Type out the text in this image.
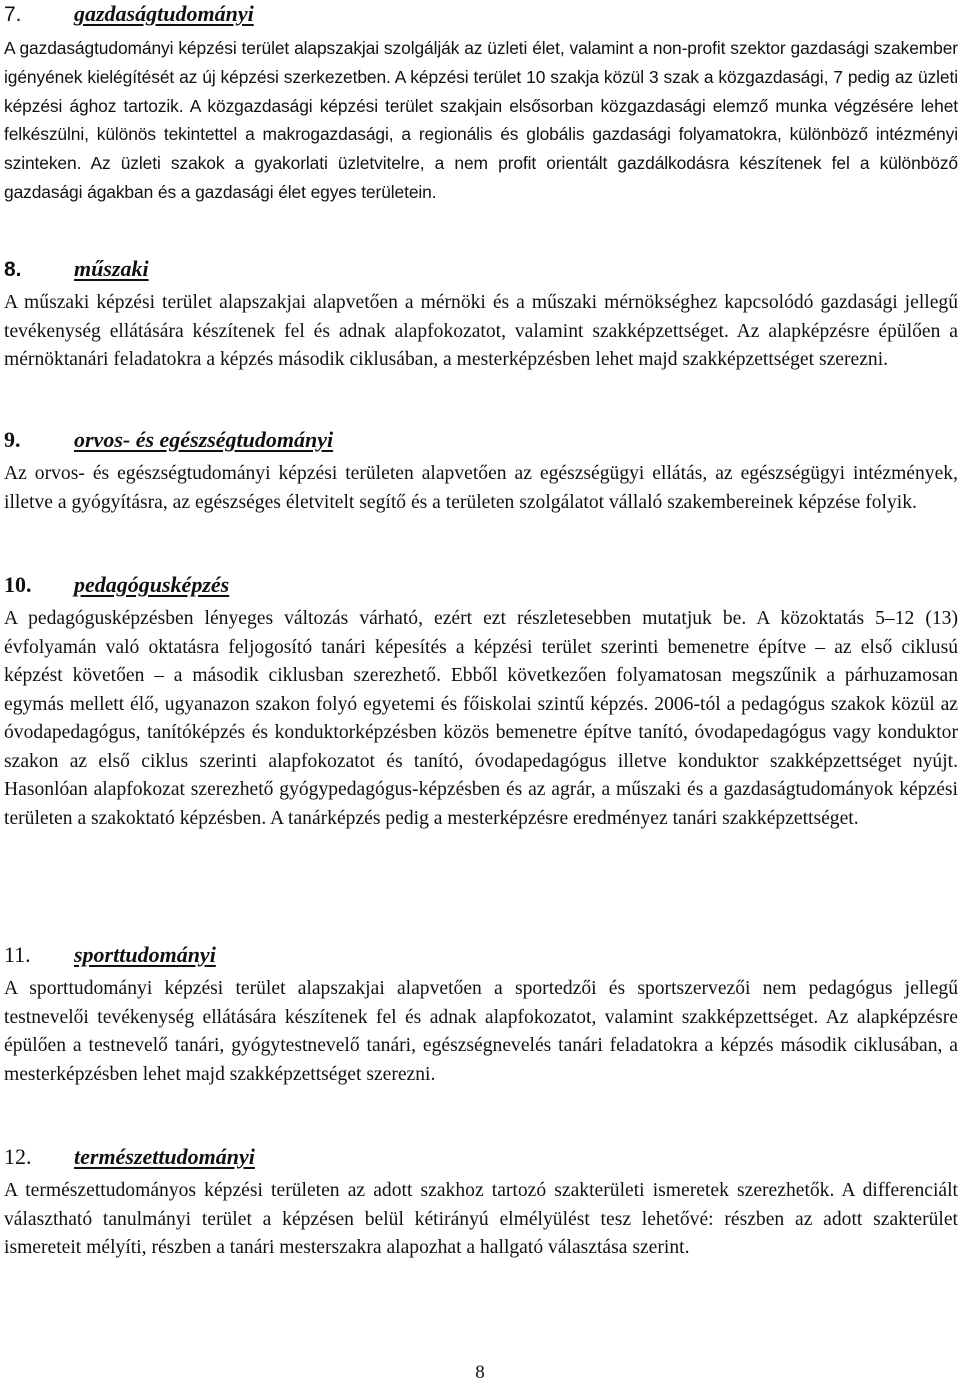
7. gazdaságtudományi
A gazdaságtudományi képzési terület alapszakjai szolgálják az üzleti élet, valamint a non-profit szektor gazdasági szakember igényének kielégítését az új képzési szerkezetben. A képzési terület 10 szakja közül 3 szak a közgazdasági, 7 pedig az üzleti képzési ághoz tartozik. A közgazdasági képzési terület szakjain elsősorban közgazdasági elemző munka végzésére lehet felkészülni, különös tekintettel a makrogazdasági, a regionális és globális gazdasági folyamatokra, különböző intézményi szinteken. Az üzleti szakok a gyakorlati üzletvitelre, a nem profit orientált gazdálkodásra készítenek fel a különböző gazdasági ágakban és a gazdasági élet egyes területein.
8. műszaki
A műszaki képzési terület alapszakjai alapvetően a mérnöki és a műszaki mérnökséghez kapcsolódó gazdasági jellegű tevékenység ellátására készítenek fel és adnak alapfokozatot, valamint szakképzettséget. Az alapképzésre épülően a mérnöktanári feladatokra a képzés második ciklusában, a mesterképzésben lehet majd szakképzettséget szerezni.
9. orvos- és egészségtudományi
Az orvos- és egészségtudományi képzési területen alapvetően az egészségügyi ellátás, az egészségügyi intézmények, illetve a gyógyításra, az egészséges életvitelt segítő és a területen szolgálatot vállaló szakembereinek képzése folyik.
10. pedagógusképzés
A pedagógusképzésben lényeges változás várható, ezért ezt részletesebben mutatjuk be. A közoktatás 5–12 (13) évfolyamán való oktatásra feljogosító tanári képesítés a képzési terület szerinti bemenetre építve – az első ciklusú képzést követően – a második ciklusban szerezhető. Ebből következően folyamatosan megszűnik a párhuzamosan egymás mellett élő, ugyanazon szakon folyó egyetemi és főiskolai szintű képzés. 2006-tól a pedagógus szakok közül az óvodapedagógus, tanítóképzés és konduktorképzésben közös bemenetre építve tanító, óvodapedagógus vagy konduktor szakon az első ciklus szerinti alapfokozatot és tanító, óvodapedagógus illetve konduktor szakképzettséget nyújt. Hasonlóan alapfokozat szerezhető gyógypedagógus-képzésben és az agrár, a műszaki és a gazdaságtudományok képzési területen a szakoktató képzésben. A tanárképzés pedig a mesterképzésre eredményez tanári szakképzettséget.
11. sporttudományi
A sporttudományi képzési terület alapszakjai alapvetően a sportedzői és sportszervezői nem pedagógus jellegű testnevelői tevékenység ellátására készítenek fel és adnak alapfokozatot, valamint szakképzettséget. Az alapképzésre épülően a testnevelő tanári, gyógytestnevelő tanári, egészségnevelés tanári feladatokra a képzés második ciklusában, a mesterképzésben lehet majd szakképzettséget szerezni.
12. természettudományi
A természettudományos képzési területen az adott szakhoz tartozó szakterületi ismeretek szerezhetők. A differenciált választható tanulmányi terület a képzésen belül kétirányú elmélyülést tesz lehetővé: részben az adott szakterület ismereteit mélyíti, részben a tanári mesterszakra alapozhat a hallgató választása szerint.
8
